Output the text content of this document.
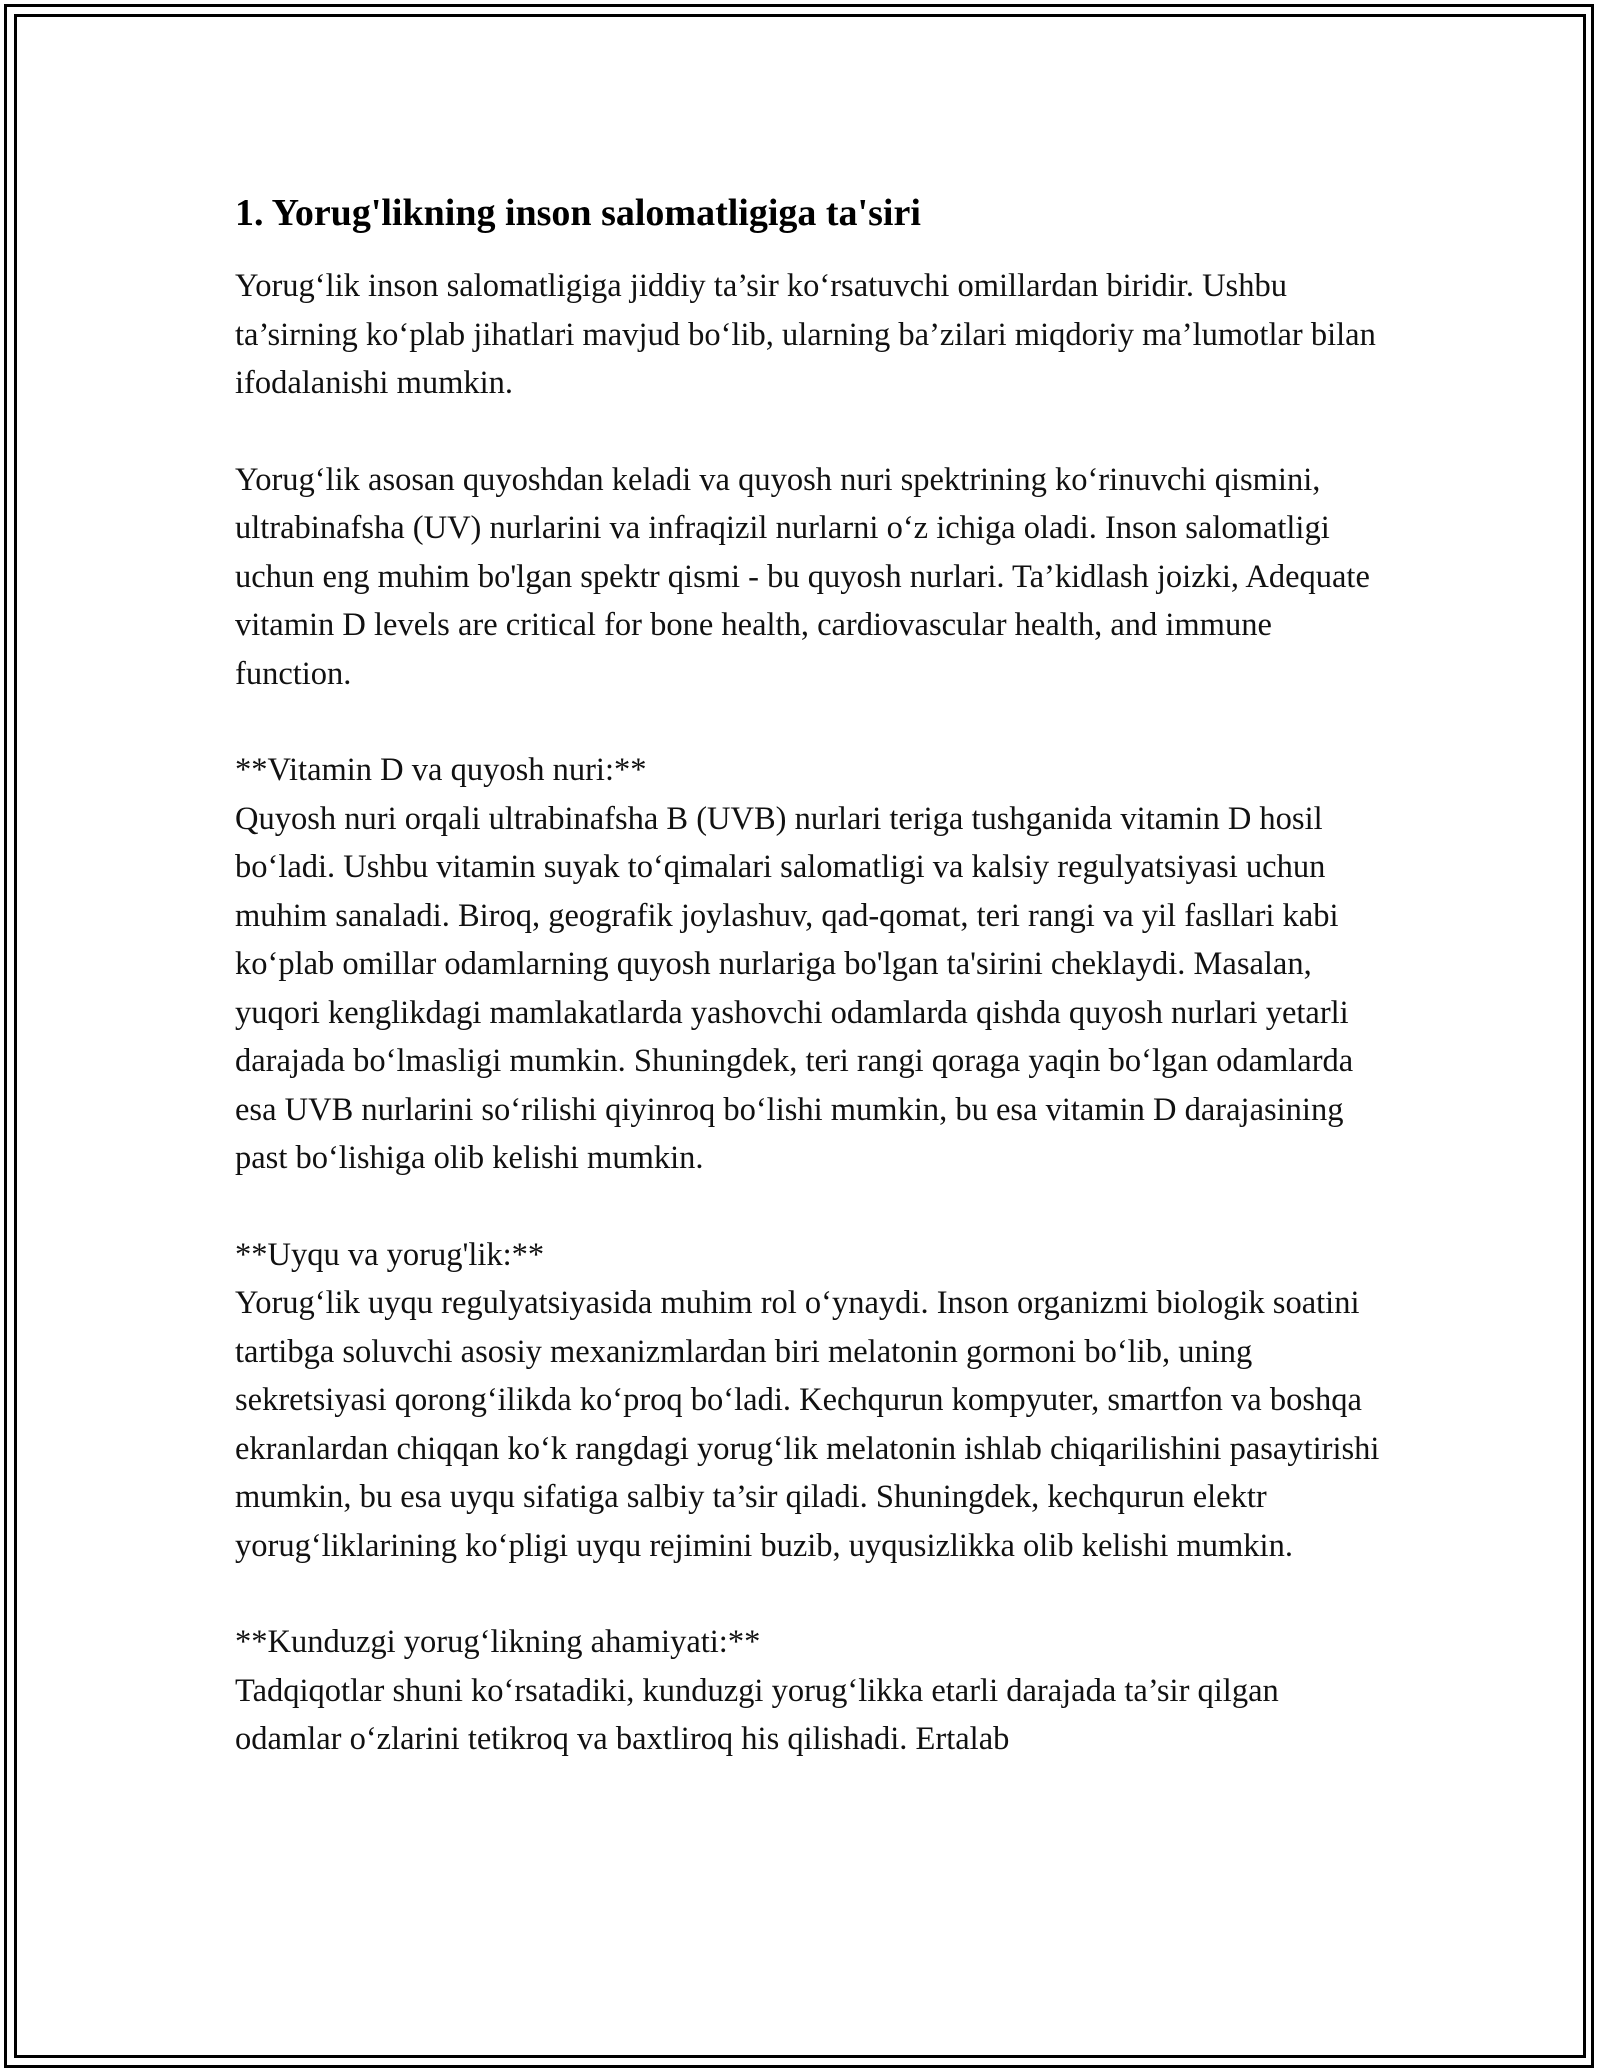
1. Yorug'likning inson salomatligiga ta'siri

Yorug‘lik inson salomatligiga jiddiy ta’sir ko‘rsatuvchi omillardan biridir. Ushbu ta’sirning ko‘plab jihatlari mavjud bo‘lib, ularning ba’zilari miqdoriy ma’lumotlar bilan ifodalanishi mumkin.

Yorug‘lik asosan quyoshdan keladi va quyosh nuri spektrining ko‘rinuvchi qismini, ultrabinafsha (UV) nurlarini va infraqizil nurlarni o‘z ichiga oladi. Inson salomatligi uchun eng muhim bo'lgan spektr qismi - bu quyosh nurlari. Ta’kidlash joizki, Adequate vitamin D levels are critical for bone health, cardiovascular health, and immune function.

**Vitamin D va quyosh nuri:**

Quyosh nuri orqali ultrabinafsha B (UVB) nurlari teriga tushganida vitamin D hosil bo‘ladi. Ushbu vitamin suyak to‘qimalari salomatligi va kalsiy regulyatsiyasi uchun muhim sanaladi. Biroq, geografik joylashuv, qad-qomat, teri rangi va yil fasllari kabi ko‘plab omillar odamlarning quyosh nurlariga bo'lgan ta'sirini cheklaydi. Masalan, yuqori kenglikdagi mamlakatlarda yashovchi odamlarda qishda quyosh nurlari yetarli darajada bo‘lmasligi mumkin. Shuningdek, teri rangi qoraga yaqin bo‘lgan odamlarda esa UVB nurlarini so‘rilishi qiyinroq bo‘lishi mumkin, bu esa vitamin D darajasining past bo‘lishiga olib kelishi mumkin.

**Uyqu va yorug'lik:**

Yorug‘lik uyqu regulyatsiyasida muhim rol o‘ynaydi. Inson organizmi biologik soatini tartibga soluvchi asosiy mexanizmlardan biri melatonin gormoni bo‘lib, uning sekretsiyasi qorong‘ilikda ko‘proq bo‘ladi. Kechqurun kompyuter, smartfon va boshqa ekranlardan chiqqan ko‘k rangdagi yorug‘lik melatonin ishlab chiqarilishini pasaytirishi mumkin, bu esa uyqu sifatiga salbiy ta’sir qiladi. Shuningdek, kechqurun elektr yorug‘liklarining ko‘pligi uyqu rejimini buzib, uyqusizlikka olib kelishi mumkin.

**Kunduzgi yorug‘likning ahamiyati:**

Tadqiqotlar shuni ko‘rsatadiki, kunduzgi yorug‘likka etarli darajada ta’sir qilgan odamlar o‘zlarini tetikroq va baxtliroq his qilishadi. Ertalab
